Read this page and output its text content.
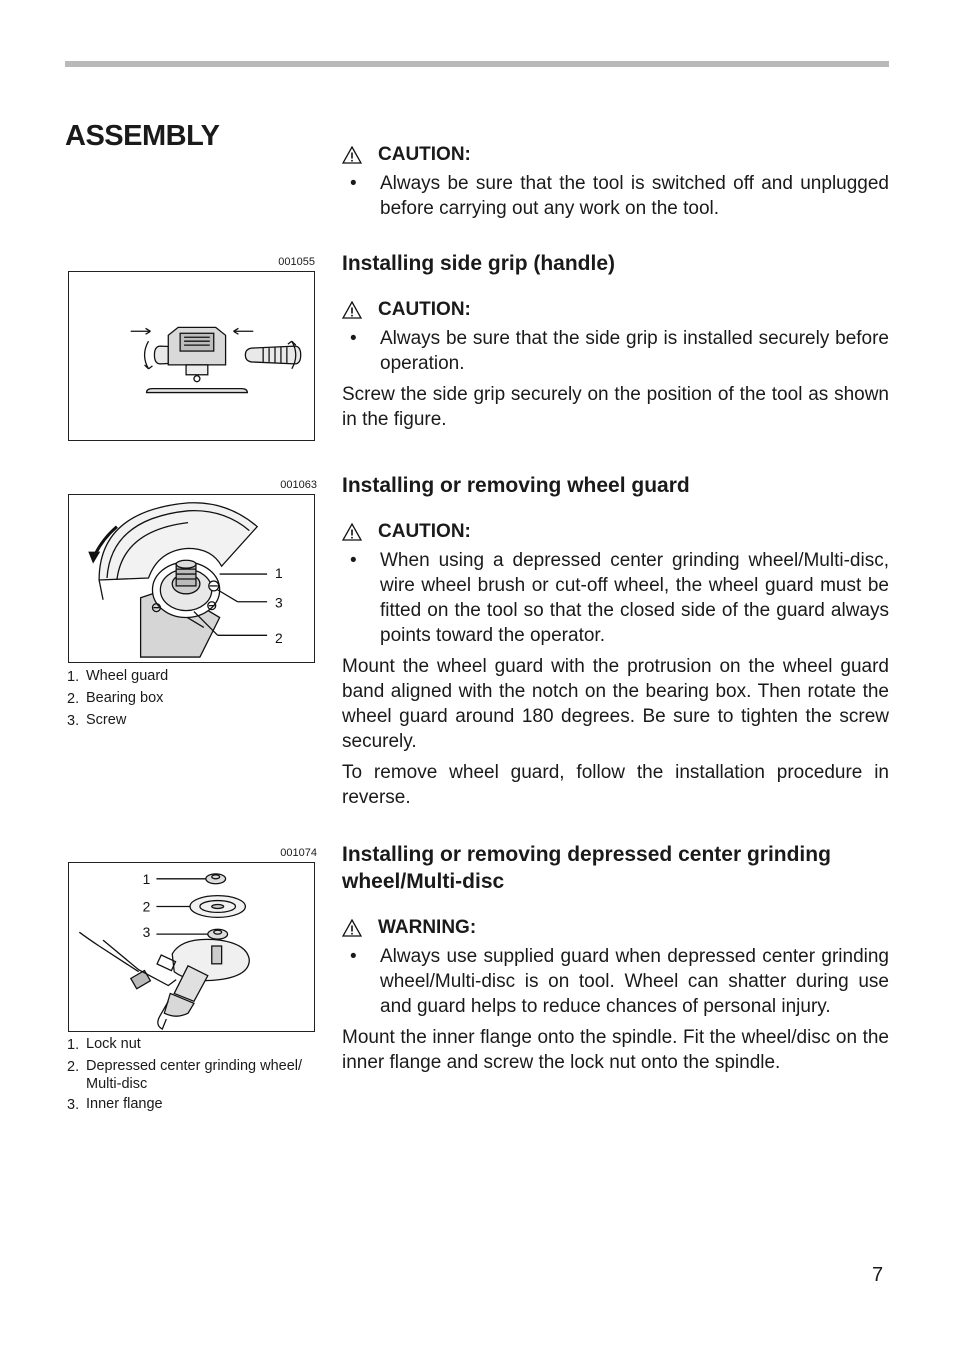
ASSEMBLY
CAUTION:
•	Always be sure that the tool is switched off and unplugged before carrying out any work on the tool.
001055 Installing side grip (handle)
CAUTION:
•	Always be sure that the side grip is installed securely before operation.

Screw the side grip securely on the position of the tool as shown in the figure.

001063
1
3
2
1. Wheel guard
2. Bearing box
3. Screw
Installing or removing wheel guard
CAUTION:
•	When using a depressed center grinding wheel/Multi-disc, wire wheel brush or cut-off wheel, the wheel guard must be fitted on the tool so that the closed side of the guard always points toward the operator.

Mount the wheel guard with the protrusion on the wheel guard band aligned with the notch on the bearing box. Then rotate the wheel guard around 180 degrees. Be sure to tighten the screw securely.

To remove wheel guard, follow the installation procedure in reverse.

001074
1
2
3
1. Lock nut
2. Depressed center grinding wheel/ Multi-disc
3. Inner flange
Installing or removing depressed center grinding wheel/Multi-disc
WARNING:
•	Always use supplied guard when depressed center grinding wheel/Multi-disc is on tool. Wheel can shatter during use and guard helps to reduce chances of personal injury.

Mount the inner flange onto the spindle. Fit the wheel/disc on the inner flange and screw the lock nut onto the spindle.

7
